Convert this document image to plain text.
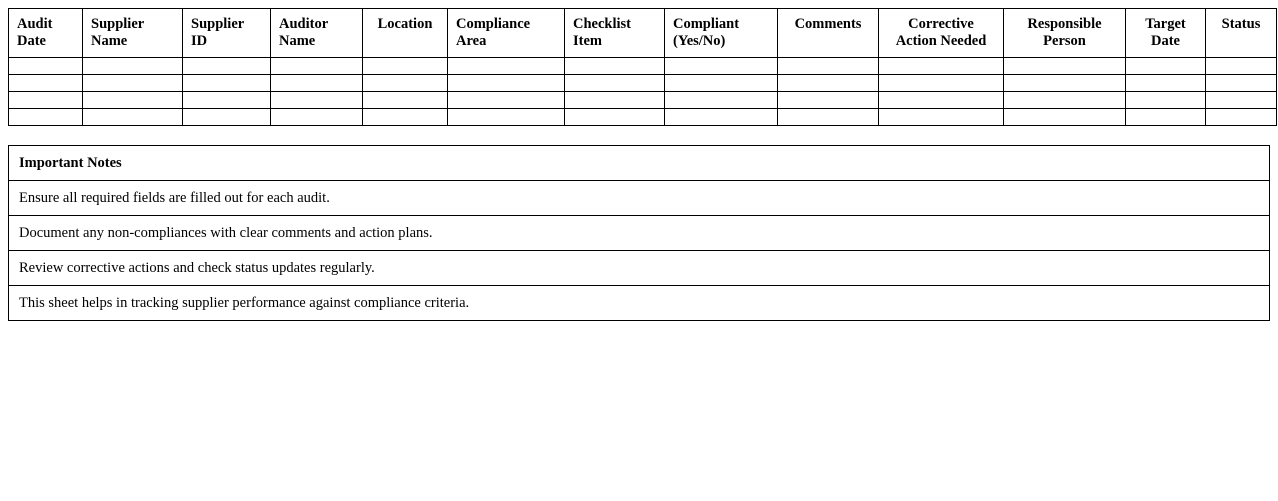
Audit Date	Supplier Name	Supplier ID	Auditor Name	Location	Compliance Area	Checklist Item	Compliant (Yes/No)	Comments	Corrective Action Needed	Responsible Person	Target Date	Status

Important Notes
Ensure all required fields are filled out for each audit.
Document any non-compliances with clear comments and action plans.
Review corrective actions and check status updates regularly.
This sheet helps in tracking supplier performance against compliance criteria.
